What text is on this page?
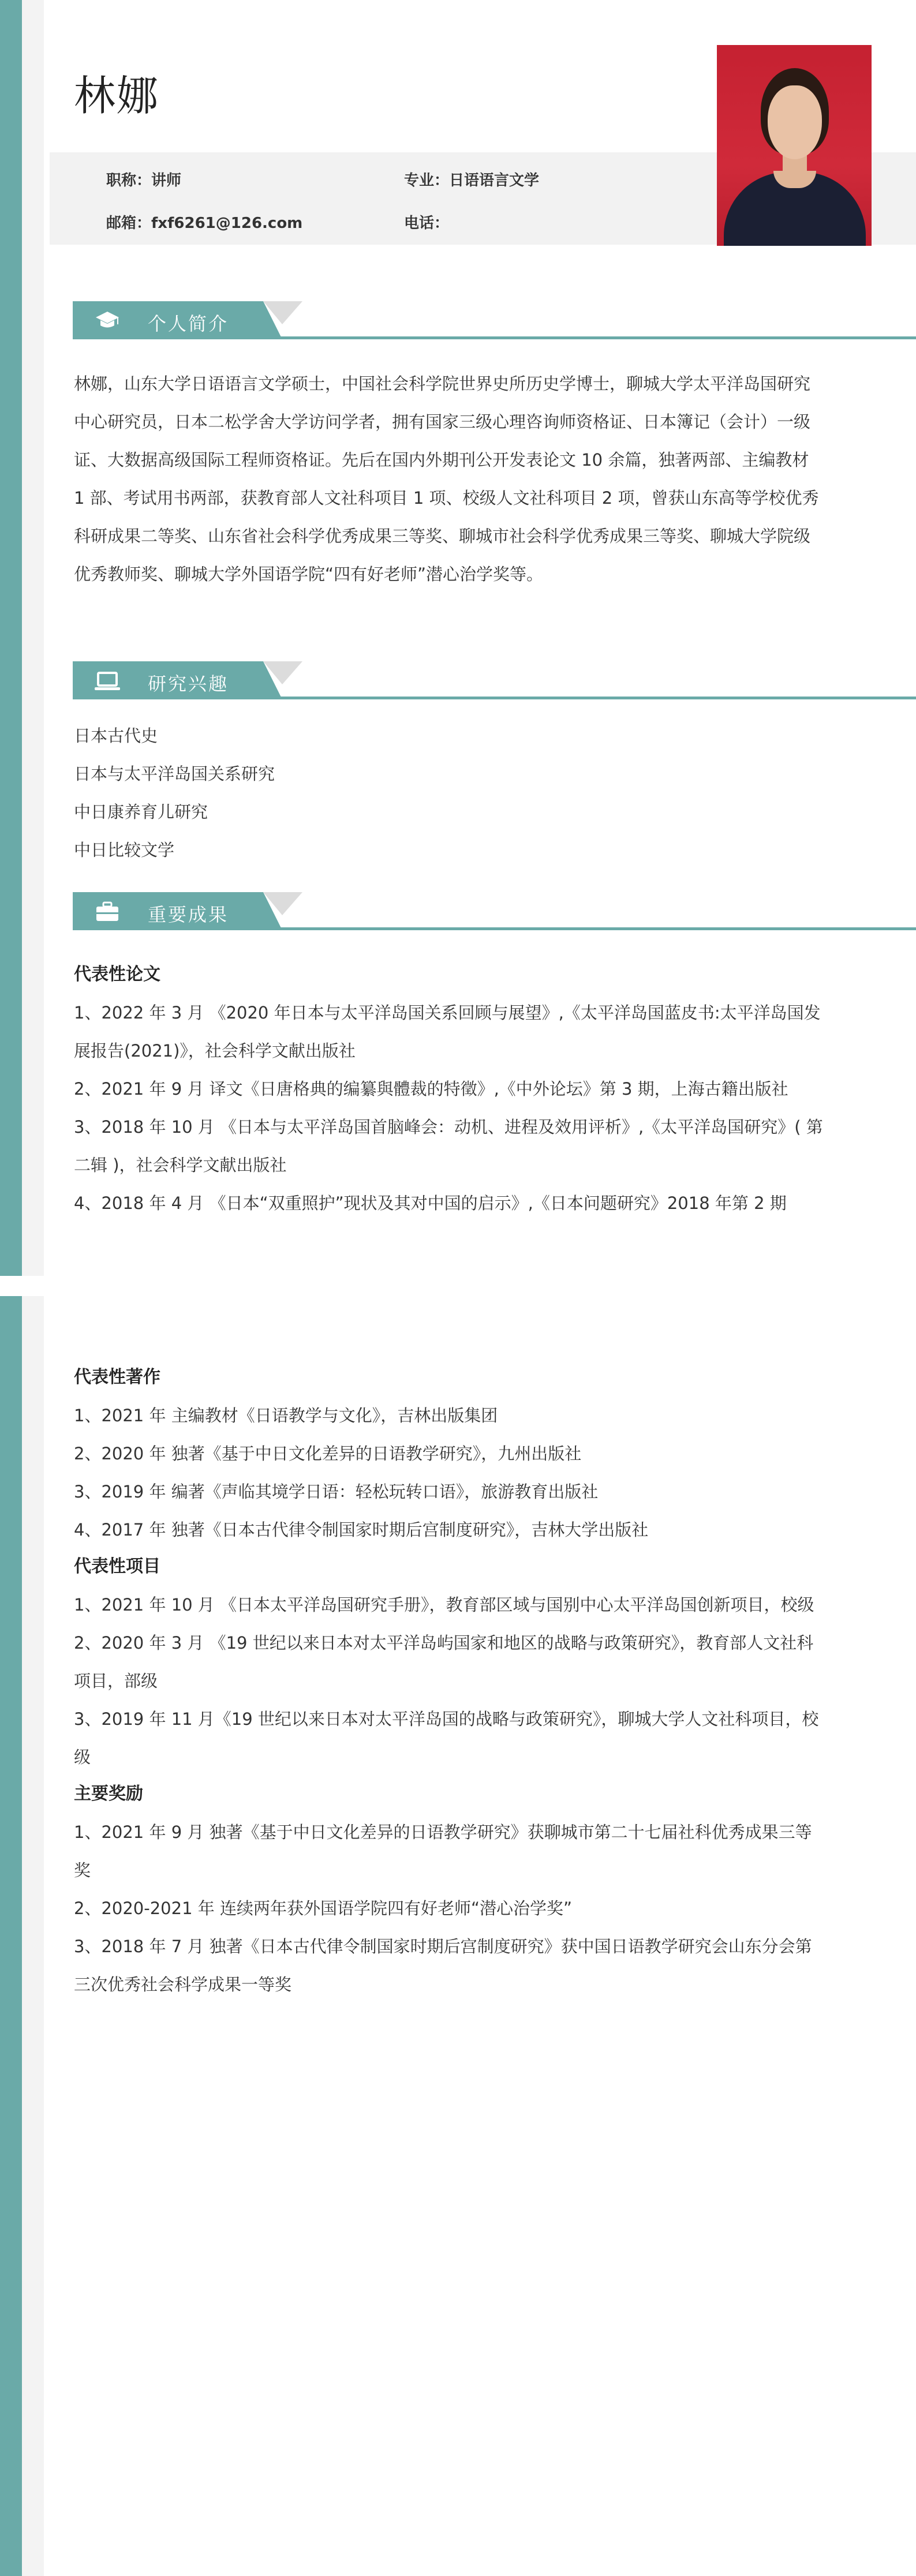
林娜
职称：讲师	专业：日语语言文学
邮箱：fxf6261@126.com	电话：
个人简介
林娜，山东大学日语语言文学硕士，中国社会科学院世界史所历史学博士，聊城大学太平洋岛国研究
中心研究员，日本二松学舍大学访问学者，拥有国家三级心理咨询师资格证、日本簿记（会计）一级
证、大数据高级国际工程师资格证。先后在国内外期刊公开发表论文 10 余篇，独著两部、主编教材
1 部、考试用书两部，获教育部人文社科项目 1 项、校级人文社科项目 2 项，曾获山东高等学校优秀
科研成果二等奖、山东省社会科学优秀成果三等奖、聊城市社会科学优秀成果三等奖、聊城大学院级
优秀教师奖、聊城大学外国语学院“四有好老师”潜心治学奖等。
研究兴趣
日本古代史
日本与太平洋岛国关系研究
中日康养育儿研究
中日比较文学
重要成果
代表性论文
1、2022 年 3 月 《2020 年日本与太平洋岛国关系回顾与展望》,《太平洋岛国蓝皮书:太平洋岛国发
展报告(2021)》，社会科学文献出版社
2、2021 年 9 月 译文《日唐格典的编纂與體裁的特徵》,《中外论坛》第 3 期，上海古籍出版社
3、2018 年 10 月 《日本与太平洋岛国首脑峰会：动机、进程及效用评析》,《太平洋岛国研究》( 第
二辑 )，社会科学文献出版社
4、2018 年 4 月 《日本“双重照护”现状及其对中国的启示》,《日本问题研究》2018 年第 2 期
代表性著作
1、2021 年 主编教材《日语教学与文化》，吉林出版集团
2、2020 年 独著《基于中日文化差异的日语教学研究》，九州出版社
3、2019 年 编著《声临其境学日语：轻松玩转口语》，旅游教育出版社
4、2017 年 独著《日本古代律令制国家时期后宫制度研究》，吉林大学出版社
代表性项目
1、2021 年 10 月 《日本太平洋岛国研究手册》，教育部区域与国别中心太平洋岛国创新项目，校级
2、2020 年 3 月 《19 世纪以来日本对太平洋岛屿国家和地区的战略与政策研究》，教育部人文社科
项目，部级
3、2019 年 11 月《19 世纪以来日本对太平洋岛国的战略与政策研究》，聊城大学人文社科项目，校
级
主要奖励
1、2021 年 9 月 独著《基于中日文化差异的日语教学研究》获聊城市第二十七届社科优秀成果三等
奖
2、2020-2021 年 连续两年获外国语学院四有好老师“潜心治学奖”
3、2018 年 7 月 独著《日本古代律令制国家时期后宫制度研究》获中国日语教学研究会山东分会第
三次优秀社会科学成果一等奖
